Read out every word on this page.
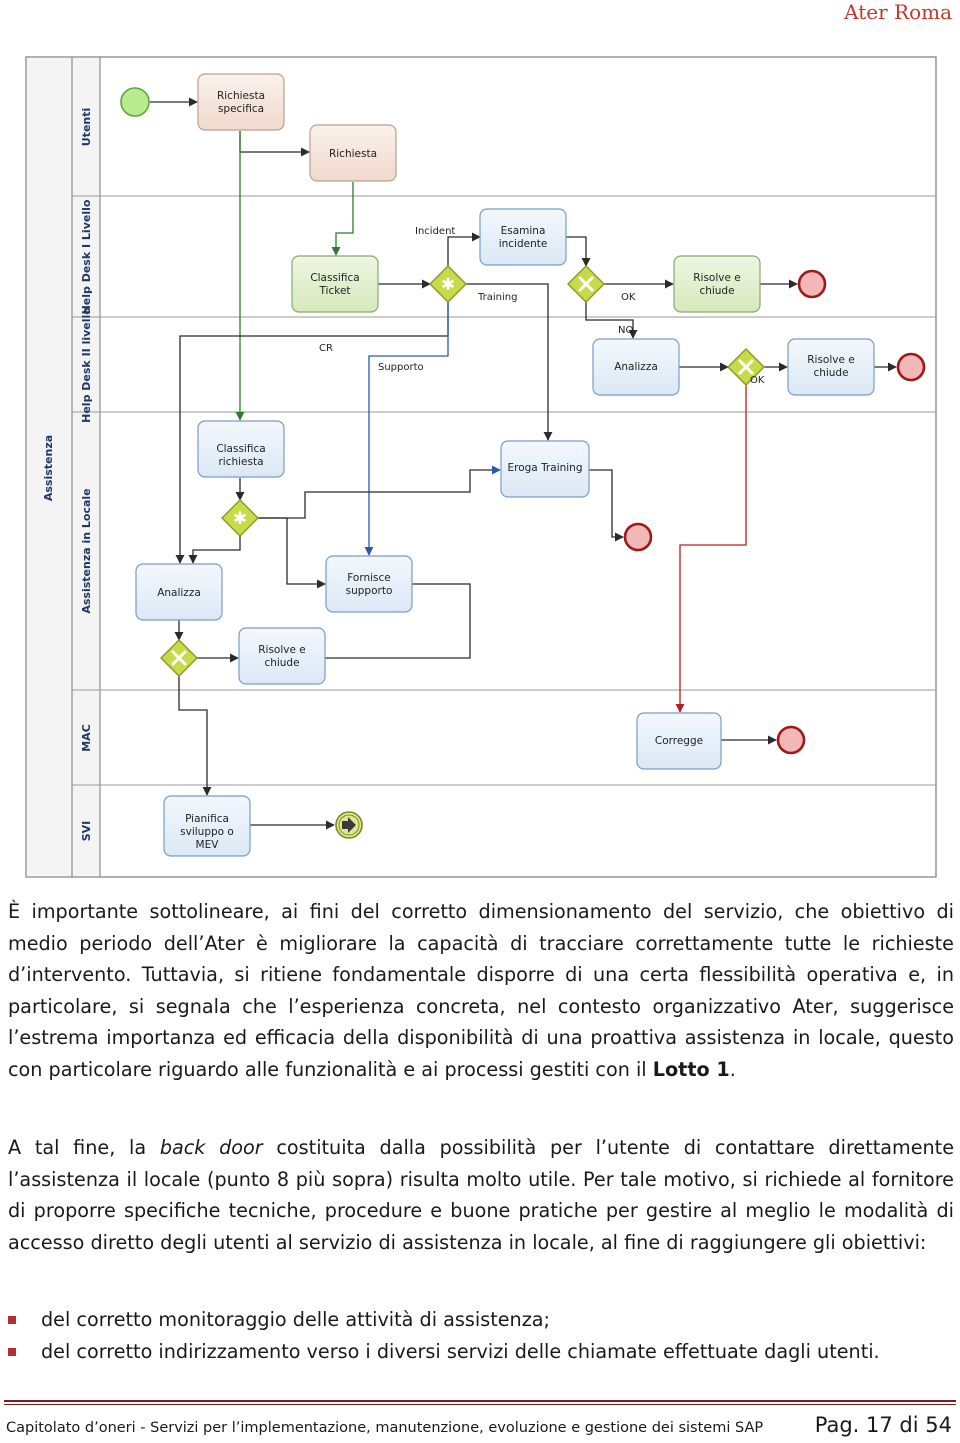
Ater Roma
Assistenza
Utenti
Help Desk I Livello
Help Desk II livello
Assistenza in Locale
MAC
SVI
Richiesta
specifica
Richiesta
Classifica
Ticket
Esamina
incidente
Risolve e
chiude
Analizza
Risolve e
chiude
Classifica
richiesta	Eroga Training
Analizza
Fornisce
supporto
Risolve e
chiude
Corregge
Pianifica
sviluppo o
MEV
✱
✱
Incident
Training	OK
NO
OK
CR
Supporto

È importante sottolineare, ai fini del corretto dimensionamento del servizio, che obiettivo di medio periodo dell’Ater è migliorare la capacità di tracciare correttamente tutte le richieste d’intervento. Tuttavia, si ritiene fondamentale disporre di una certa flessibilità operativa e, in particolare, si segnala che l’esperienza concreta, nel contesto organizzativo Ater, suggerisce l’estrema importanza ed efficacia della disponibilità di una proattiva assistenza in locale, questo con particolare riguardo alle funzionalità e ai processi gestiti con il Lotto 1.

A tal fine, la back door costituita dalla possibilità per l’utente di contattare direttamente l’assistenza il locale (punto 8 più sopra) risulta molto utile. Per tale motivo, si richiede al fornitore di proporre specifiche tecniche, procedure e buone pratiche per gestire al meglio le modalità di accesso diretto degli utenti al servizio di assistenza in locale, al fine di raggiungere gli obiettivi:

del corretto monitoraggio delle attività di assistenza;
del corretto indirizzamento verso i diversi servizi delle chiamate effettuate dagli utenti.
Capitolato d’oneri - Servizi per l’implementazione, manutenzione, evoluzione e gestione dei sistemi SAP Pag. 17 di 54
